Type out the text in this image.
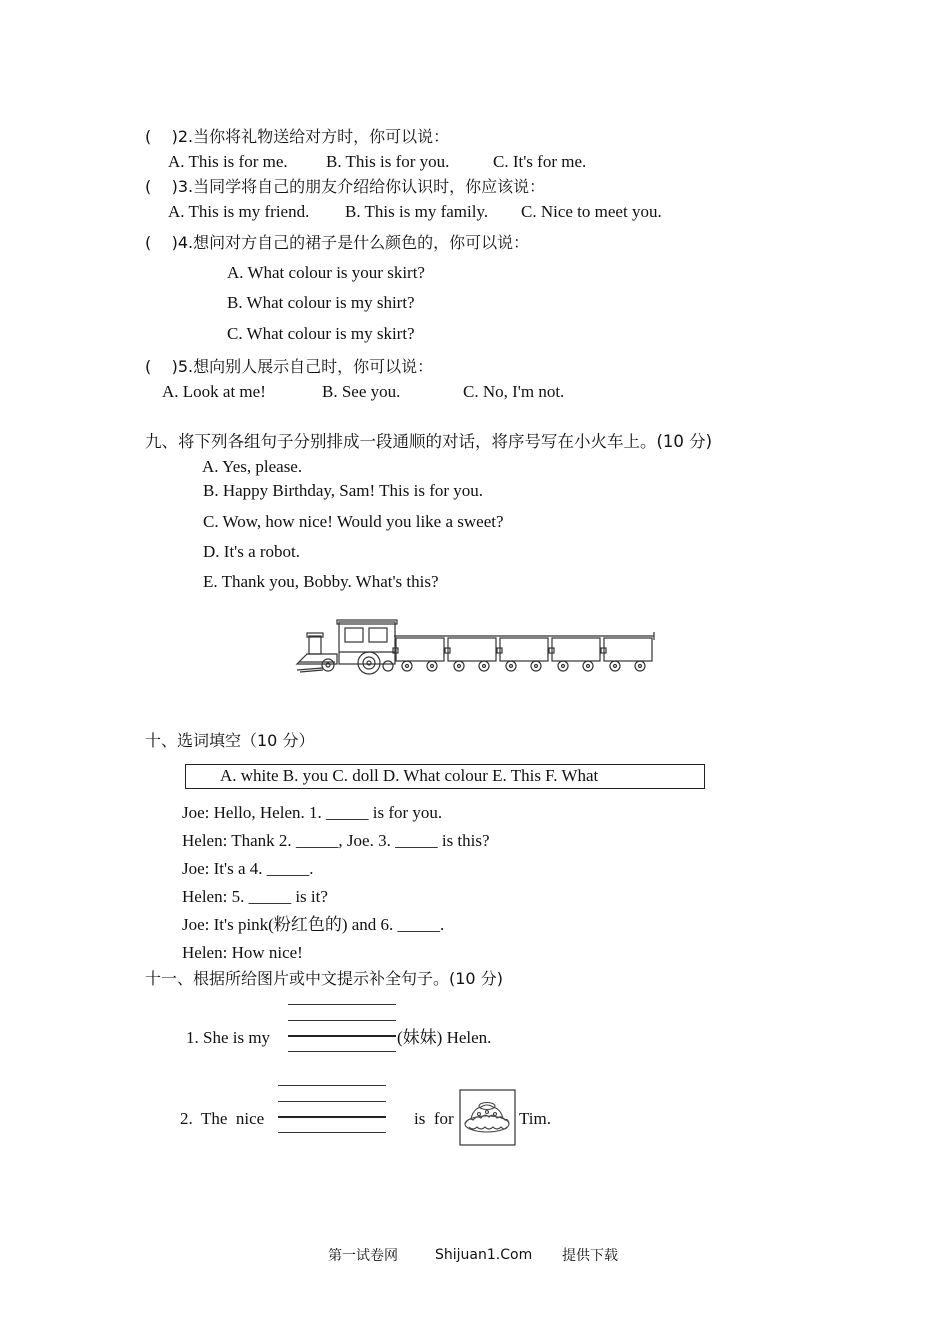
(    )2.当你将礼物送给对方时，你可以说：
A. This is for me. B. This is for you.	C. It's for me.
(    )3.当同学将自己的朋友介绍给你认识时，你应该说：
A. This is my friend. B. This is my family. C. Nice to meet you.
(    )4.想问对方自己的裙子是什么颜色的，你可以说：
A. What colour is your skirt?
B. What colour is my shirt?
C. What colour is my skirt?
(    )5.想向别人展示自己时，你可以说：
A. Look at me!	B. See you.	C. No, I'm not.
九、将下列各组句子分别排成一段通顺的对话，将序号写在小火车上。(10 分)
A. Yes, please.
B. Happy Birthday, Sam! This is for you.
C. Wow, how nice! Would you like a sweet?
D. It's a robot.
E. Thank you, Bobby. What's this?
十、选词填空（10 分）
A. white B. you C. doll D. What colour E. This F. What
Joe: Hello, Helen. 1. _____ is for you.
Helen: Thank 2. _____, Joe. 3. _____ is this?
Joe: It's a 4. _____.
Helen: 5. _____ is it?
Joe: It's pink(粉红色的) and 6. _____.
Helen: How nice!
十一、根据所给图片或中文提示补全句子。(10 分)
1. She is my	(妹妹) Helen.
2.  The  nice	is  for	Tim.
第一试卷网	Shijuan1.Com 提供下载
